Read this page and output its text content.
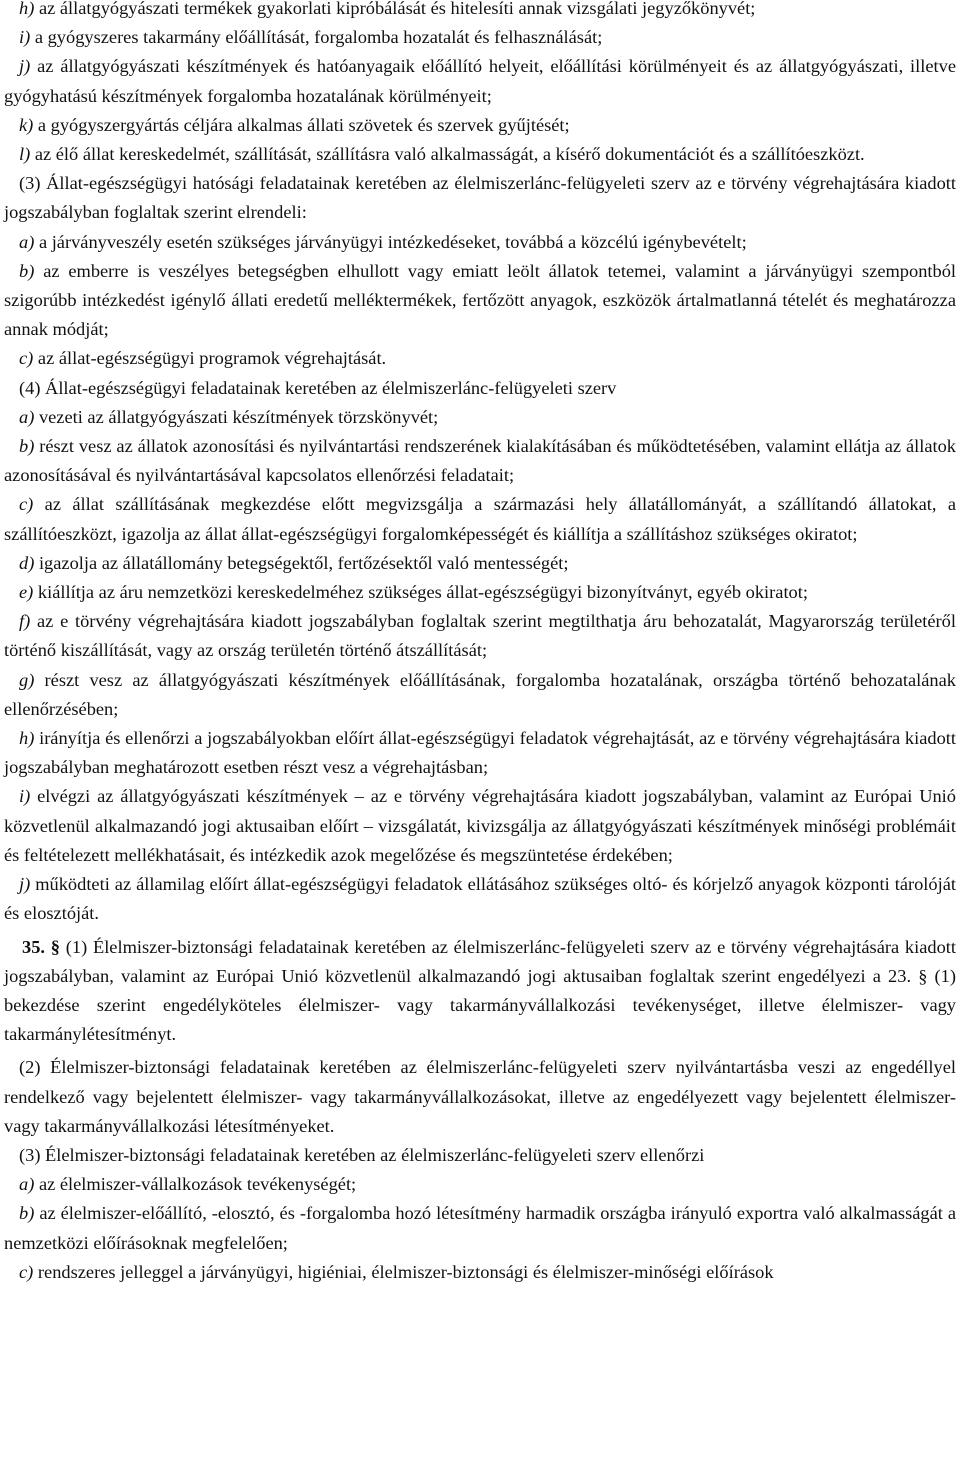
h) az állatgyógyászati termékek gyakorlati kipróbálását és hitelesíti annak vizsgálati jegyzőkönyvét;

i) a gyógyszeres takarmány előállítását, forgalomba hozatalát és felhasználását;

j) az állatgyógyászati készítmények és hatóanyagaik előállító helyeit, előállítási körülményeit és az állatgyógyászati, illetve gyógyhatású készítmények forgalomba hozatalának körülményeit;

k) a gyógyszergyártás céljára alkalmas állati szövetek és szervek gyűjtését;

l) az élő állat kereskedelmét, szállítását, szállításra való alkalmasságát, a kísérő dokumentációt és a szállítóeszközt.

(3) Állat-egészségügyi hatósági feladatainak keretében az élelmiszerlánc-felügyeleti szerv az e törvény végrehajtására kiadott jogszabályban foglaltak szerint elrendeli:

a) a járványveszély esetén szükséges járványügyi intézkedéseket, továbbá a közcélú igénybevételt;

b) az emberre is veszélyes betegségben elhullott vagy emiatt leölt állatok tetemei, valamint a járványügyi szempontból szigorúbb intézkedést igénylő állati eredetű melléktermékek, fertőzött anyagok, eszközök ártalmatlanná tételét és meghatározza annak módját;

c) az állat-egészségügyi programok végrehajtását.

(4) Állat-egészségügyi feladatainak keretében az élelmiszerlánc-felügyeleti szerv

a) vezeti az állatgyógyászati készítmények törzskönyvét;

b) részt vesz az állatok azonosítási és nyilvántartási rendszerének kialakításában és működtetésében, valamint ellátja az állatok azonosításával és nyilvántartásával kapcsolatos ellenőrzési feladatait;

c) az állat szállításának megkezdése előtt megvizsgálja a származási hely állatállományát, a szállítandó állatokat, a szállítóeszközt, igazolja az állat állat-egészségügyi forgalomképességét és kiállítja a szállításhoz szükséges okiratot;

d) igazolja az állatállomány betegségektől, fertőzésektől való mentességét;

e) kiállítja az áru nemzetközi kereskedelméhez szükséges állat-egészségügyi bizonyítványt, egyéb okiratot;

f) az e törvény végrehajtására kiadott jogszabályban foglaltak szerint megtilthatja áru behozatalát, Magyarország területéről történő kiszállítását, vagy az ország területén történő átszállítását;

g) részt vesz az állatgyógyászati készítmények előállításának, forgalomba hozatalának, országba történő behozatalának ellenőrzésében;

h) irányítja és ellenőrzi a jogszabályokban előírt állat-egészségügyi feladatok végrehajtását, az e törvény végrehajtására kiadott jogszabályban meghatározott esetben részt vesz a végrehajtásban;

i) elvégzi az állatgyógyászati készítmények – az e törvény végrehajtására kiadott jogszabályban, valamint az Európai Unió közvetlenül alkalmazandó jogi aktusaiban előírt – vizsgálatát, kivizsgálja az állatgyógyászati készítmények minőségi problémáit és feltételezett mellékhatásait, és intézkedik azok megelőzése és megszüntetése érdekében;

j) működteti az államilag előírt állat-egészségügyi feladatok ellátásához szükséges oltó- és kórjelző anyagok központi tárolóját és elosztóját.

35. § (1) Élelmiszer-biztonsági feladatainak keretében az élelmiszerlánc-felügyeleti szerv az e törvény végrehajtására kiadott jogszabályban, valamint az Európai Unió közvetlenül alkalmazandó jogi aktusaiban foglaltak szerint engedélyezi a 23. § (1) bekezdése szerint engedélyköteles élelmiszer- vagy takarmányvállalkozási tevékenységet, illetve élelmiszer- vagy takarmánylétesítményt.

(2) Élelmiszer-biztonsági feladatainak keretében az élelmiszerlánc-felügyeleti szerv nyilvántartásba veszi az engedéllyel rendelkező vagy bejelentett élelmiszer- vagy takarmányvállalkozásokat, illetve az engedélyezett vagy bejelentett élelmiszer- vagy takarmányvállalkozási létesítményeket.

(3) Élelmiszer-biztonsági feladatainak keretében az élelmiszerlánc-felügyeleti szerv ellenőrzi

a) az élelmiszer-vállalkozások tevékenységét;

b) az élelmiszer-előállító, -elosztó, és -forgalomba hozó létesítmény harmadik országba irányuló exportra való alkalmasságát a nemzetközi előírásoknak megfelelően;

c) rendszeres jelleggel a járványügyi, higiéniai, élelmiszer-biztonsági és élelmiszer-minőségi előírások
